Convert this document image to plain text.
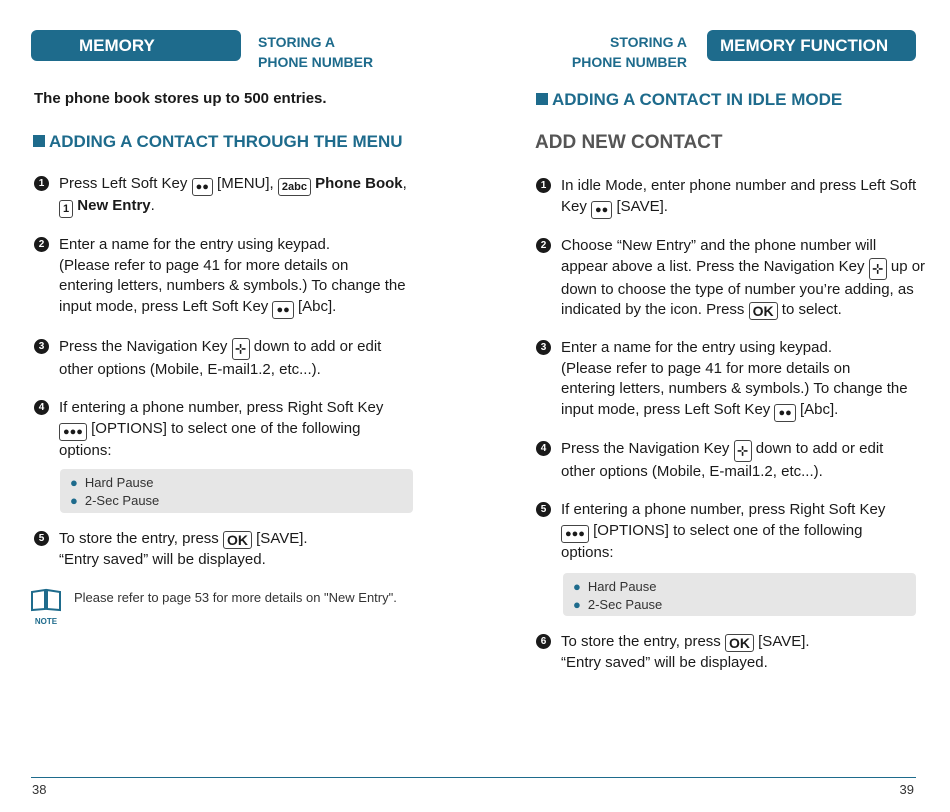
MEMORY FUNCTION
STORING A
PHONE NUMBER
The phone book stores up to 500 entries.
ADDING A CONTACT THROUGH THE MENU
1 Press Left Soft Key ●● [MENU], 2abc Phone Book,
1 New Entry.
2 Enter a name for the entry using keypad.
(Please refer to page 41 for more details on
entering letters, numbers & symbols.) To change the
input mode, press Left Soft Key ●● [Abc].
3 Press the Navigation Key ⊹ down to add or edit
other options (Mobile, E-mail1.2, etc...).
4 If entering a phone number, press Right Soft Key
●●● [OPTIONS] to select one of the following
options:
● Hard Pause
● 2-Sec Pause
5 To store the entry, press OK [SAVE].
“Entry saved” will be displayed.
NOTE
Please refer to page 53 for more details on "New Entry".
38
STORING A
PHONE NUMBER
MEMORY FUNCTION
ADDING A CONTACT IN IDLE MODE
ADD NEW CONTACT
1 In idle Mode, enter phone number and press Left Soft
Key ●● [SAVE].
2 Choose “New Entry” and the phone number will
appear above a list. Press the Navigation Key ⊹ up or
down to choose the type of number you’re adding, as
indicated by the icon. Press OK to select.
3 Enter a name for the entry using keypad.
(Please refer to page 41 for more details on
entering letters, numbers & symbols.) To change the
input mode, press Left Soft Key ●● [Abc].
4 Press the Navigation Key ⊹ down to add or edit
other options (Mobile, E-mail1.2, etc...).
5 If entering a phone number, press Right Soft Key
●●● [OPTIONS] to select one of the following
options:
● Hard Pause
● 2-Sec Pause
6 To store the entry, press OK [SAVE].
“Entry saved” will be displayed.
39
